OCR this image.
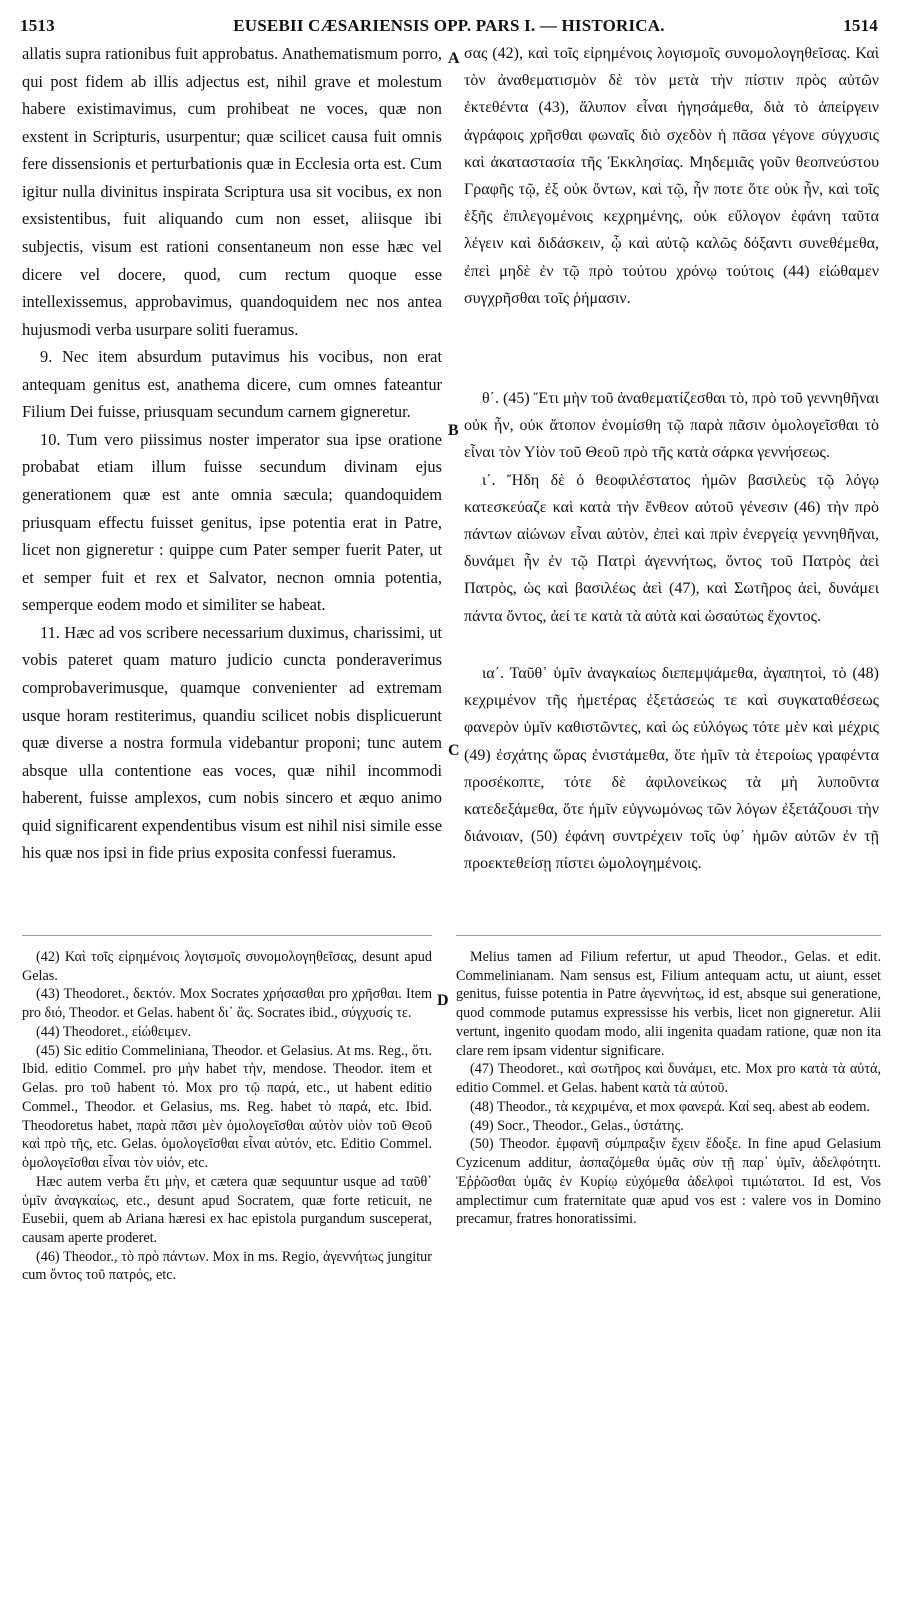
1513	EUSEBII CÆSARIENSIS OPP. PARS I. — HISTORICA.	1514
A
B
C
D

allatis supra rationibus fuit approbatus. Anathematismum porro, qui post fidem ab illis adjectus est, nihil grave et molestum habere existimavimus, cum prohibeat ne voces, quæ non exstent in Scripturis, usurpentur; quæ scilicet causa fuit omnis fere dissensionis et perturbationis quæ in Ecclesia orta est. Cum igitur nulla divinitus inspirata Scriptura usa sit vocibus, ex non exsistentibus, fuit aliquando cum non esset, aliisque ibi subjectis, visum est rationi consentaneum non esse hæc vel dicere vel docere, quod, cum rectum quoque esse intellexissemus, approbavimus, quandoquidem nec nos antea hujusmodi verba usurpare soliti fueramus.

9. Nec item absurdum putavimus his vocibus, non erat antequam genitus est, anathema dicere, cum omnes fateantur Filium Dei fuisse, priusquam secundum carnem gigneretur.

10. Tum vero piissimus noster imperator sua ipse oratione probabat etiam illum fuisse secundum divinam ejus generationem quæ est ante omnia sæcula; quandoquidem priusquam effectu fuisset genitus, ipse potentia erat in Patre, licet non gigneretur : quippe cum Pater semper fuerit Pater, ut et semper fuit et rex et Salvator, necnon omnia potentia, semperque eodem modo et similiter se habeat.

11. Hæc ad vos scribere necessarium duximus, charissimi, ut vobis pateret quam maturo judicio cuncta ponderaverimus comprobaverimusque, quamque convenienter ad extremam usque horam restiterimus, quandiu scilicet nobis displicuerunt quæ diverse a nostra formula videbantur proponi; tunc autem absque ulla contentione eas voces, quæ nihil incommodi haberent, fuisse amplexos, cum nobis sincero et æquo animo quid significarent expendentibus visum est nihil nisi simile esse his quæ nos ipsi in fide prius exposita confessi fueramus.

σας (42), καὶ τοῖς εἰρημένοις λογισμοῖς συνομολογηθεῖσας. Καὶ τὸν ἀναθεματισμὸν δὲ τὸν μετὰ τὴν πίστιν πρὸς αὐτῶν ἐκτεθέντα (43), ἄλυπον εἶναι ἡγησάμεθα, διὰ τὸ ἀπείργειν ἀγράφοις χρῆσθαι φωναῖς διὸ σχεδὸν ἡ πᾶσα γέγονε σύγχυσις καὶ ἀκαταστασία τῆς Ἐκκλησίας. Μηδεμιᾶς γοῦν θεοπνεύστου Γραφῆς τῷ, ἐξ οὐκ ὄντων, καὶ τῷ, ἦν ποτε ὅτε οὐκ ἦν, καὶ τοῖς ἑξῆς ἐπιλεγομένοις κεχρημένης, οὐκ εὔλογον ἐφάνη ταῦτα λέγειν καὶ διδάσκειν, ᾧ καὶ αὐτῷ καλῶς δόξαντι συνεθέμεθα, ἐπεὶ μηδὲ ἐν τῷ πρὸ τούτου χρόνῳ τούτοις (44) εἰώθαμεν συγχρῆσθαι τοῖς ῥήμασιν.

θ΄. (45) Ἔτι μὴν τοῦ ἀναθεματίζεσθαι τὸ, πρὸ τοῦ γεννηθῆναι οὐκ ἦν, οὐκ ἄτοπον ἐνομίσθη τῷ παρὰ πᾶσιν ὁμολογεῖσθαι τὸ εἶναι τὸν Υἱὸν τοῦ Θεοῦ πρὸ τῆς κατὰ σάρκα γεννήσεως.

ι΄. Ἤδη δὲ ὁ θεοφιλέστατος ἡμῶν βασιλεὺς τῷ λόγῳ κατεσκεύαζε καὶ κατὰ τὴν ἔνθεον αὐτοῦ γένεσιν (46) τὴν πρὸ πάντων αἰώνων εἶναι αὐτὸν, ἐπεὶ καὶ πρὶν ἐνεργείᾳ γεννηθῆναι, δυνάμει ἦν ἐν τῷ Πατρὶ ἀγεννήτως, ὄντος τοῦ Πατρὸς ἀεὶ Πατρὸς, ὡς καὶ βασιλέως ἀεὶ (47), καὶ Σωτῆρος ἀεὶ, δυνάμει πάντα ὄντος, ἀεί τε κατὰ τὰ αὐτὰ καὶ ὡσαύτως ἔχοντος.

ια΄. Ταῦθ᾽ ὑμῖν ἀναγκαίως διεπεμψάμεθα, ἀγαπητοὶ, τὸ (48) κεχριμένον τῆς ἡμετέρας ἐξετάσεώς τε καὶ συγκαταθέσεως φανερὸν ὑμῖν καθιστῶντες, καὶ ὡς εὐλόγως τότε μὲν καὶ μέχρις (49) ἐσχάτης ὥρας ἐνιστάμεθα, ὅτε ἡμῖν τὰ ἑτεροίως γραφέντα προσέκοπτε, τότε δὲ ἀφιλονείκως τὰ μὴ λυποῦντα κατεδεξάμεθα, ὅτε ἡμῖν εὐγνωμόνως τῶν λόγων ἐξετάζουσι τὴν διάνοιαν, (50) ἐφάνη συντρέχειν τοῖς ὑφ᾽ ἡμῶν αὐτῶν ἐν τῇ προεκτεθείσῃ πίστει ὡμολογημένοις.

(42) Καὶ τοῖς εἰρημένοις λογισμοῖς συνομολογηθεῖσας, desunt apud Gelas.

(43) Theodoret., δεκτόν. Mox Socrates χρήσασθαι pro χρῆσθαι. Item pro διό, Theodor. et Gelas. habent δι᾽ ἅς. Socrates ibid., σύγχυσίς τε.

(44) Theodoret., εἰώθειμεν.

(45) Sic editio Commeliniana, Theodor. et Gelasius. At ms. Reg., ὅτι. Ibid. editio Commel. pro μὴν habet τὴν, mendose. Theodor. item et Gelas. pro τοῦ habent τό. Mox pro τῷ παρά, etc., ut habent editio Commel., Theodor. et Gelasius, ms. Reg. habet τὸ παρά, etc. Ibid. Theodoretus habet, παρὰ πᾶσι μὲν ὁμολογεῖσθαι αὐτὸν υἱὸν τοῦ Θεοῦ καὶ πρὸ τῆς, etc. Gelas. ὁμολογεῖσθαι εἶναι αὐτόν, etc. Editio Commel. ὁμολογεῖσθαι εἶναι τὸν υἱόν, etc.

Hæc autem verba ἔτι μὴν, et cætera quæ sequuntur usque ad ταῦθ᾽ ὑμῖν ἀναγκαίως, etc., desunt apud Socratem, quæ forte reticuit, ne Eusebii, quem ab Ariana hæresi ex hac epistola purgandum susceperat, causam aperte proderet.

(46) Theodor., τὸ πρὸ πάντων. Mox in ms. Regio, ἀγεννήτως jungitur cum ὄντος τοῦ πατρός, etc.

Melius tamen ad Filium refertur, ut apud Theodor., Gelas. et edit. Commelinianam. Nam sensus est, Filium antequam actu, ut aiunt, esset genitus, fuisse potentia in Patre ἀγεννήτως, id est, absque sui generatione, quod commode putamus expressisse his verbis, licet non gigneretur. Alii vertunt, ingenito quodam modo, alii ingenita quadam ratione, quæ non ita clare rem ipsam videntur significare.

(47) Theodoret., καὶ σωτῆρος καὶ δυνάμει, etc. Mox pro κατὰ τὰ αὐτά, editio Commel. et Gelas. habent κατὰ τὰ αὐτοῦ.

(48) Theodor., τὰ κεχριμένα, et mox φανερά. Καί seq. abest ab eodem.

(49) Socr., Theodor., Gelas., ὑστάτης.

(50) Theodor. ἐμφανῆ σύμπραξιν ἔχειν ἔδοξε. In fine apud Gelasium Cyzicenum additur, ἀσπαζόμεθα ὑμᾶς σὺν τῇ παρ᾽ ὑμῖν, ἀδελφότητι. Ἐῤῥῶσθαι ὑμᾶς ἐν Κυρίῳ εὐχόμεθα ἀδελφοὶ τιμιώτατοι. Id est, Vos amplectimur cum fraternitate quæ apud vos est : valere vos in Domino precamur, fratres honoratissimi.
